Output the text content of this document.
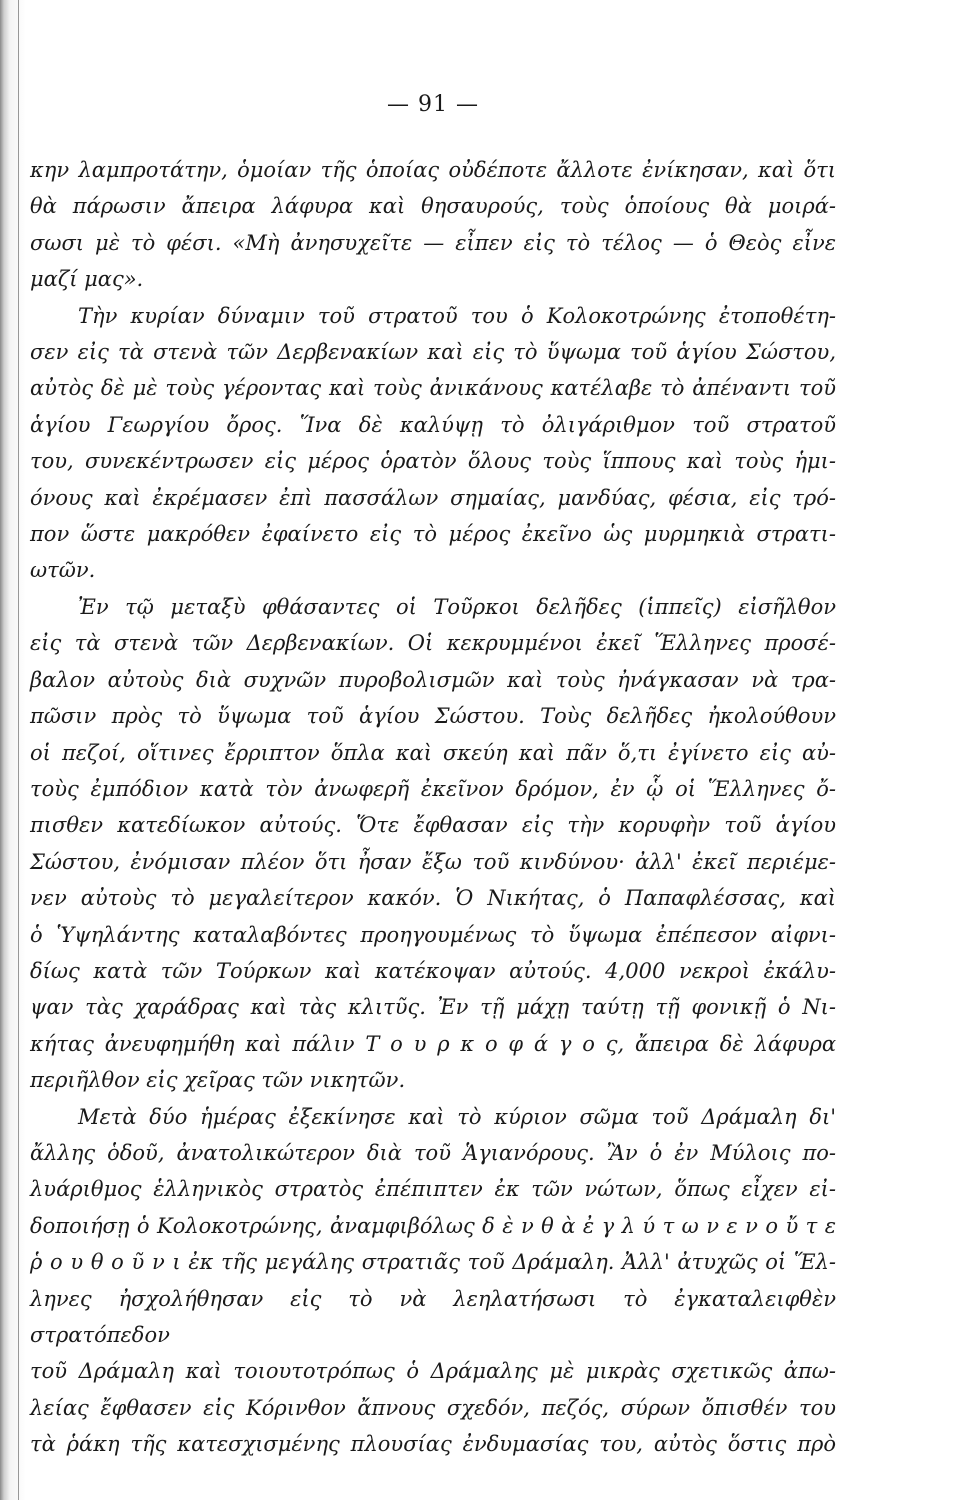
— 91 —

κην λαμπροτάτην, ὁμοίαν τῆς ὁποίας οὐδέποτε ἄλλοτε ἐνίκησαν, καὶ ὅτι
θὰ πάρωσιν ἄπειρα λάφυρα καὶ θησαυρούς, τοὺς ὁποίους θὰ μοιρά-
σωσι μὲ τὸ φέσι. «Μὴ ἀνησυχεῖτε — εἶπεν εἰς τὸ τέλος — ὁ Θεὸς εἶνε
μαζί μας».

Τὴν κυρίαν δύναμιν τοῦ στρατοῦ του ὁ Κολοκοτρώνης ἐτοποθέτη-
σεν εἰς τὰ στενὰ τῶν Δερβενακίων καὶ εἰς τὸ ὕψωμα τοῦ ἁγίου Σώστου,
αὐτὸς δὲ μὲ τοὺς γέροντας καὶ τοὺς ἀνικάνους κατέλαβε τὸ ἀπέναντι τοῦ
ἁγίου Γεωργίου ὄρος. Ἵνα δὲ καλύψῃ τὸ ὀλιγάριθμον τοῦ στρατοῦ
του, συνεκέντρωσεν εἰς μέρος ὁρατὸν ὅλους τοὺς ἵππους καὶ τοὺς ἡμι-
όνους καὶ ἐκρέμασεν ἐπὶ πασσάλων σημαίας, μανδύας, φέσια, εἰς τρό-
πον ὥστε μακρόθεν ἐφαίνετο εἰς τὸ μέρος ἐκεῖνο ὡς μυρμηκιὰ στρατι-
ωτῶν.

Ἐν τῷ μεταξὺ φθάσαντες οἱ Τοῦρκοι δελῆδες (ἱππεῖς) εἰσῆλθον
εἰς τὰ στενὰ τῶν Δερβενακίων. Οἱ κεκρυμμένοι ἐκεῖ Ἕλληνες προσέ-
βαλον αὐτοὺς διὰ συχνῶν πυροβολισμῶν καὶ τοὺς ἠνάγκασαν νὰ τρα-
πῶσιν πρὸς τὸ ὕψωμα τοῦ ἁγίου Σώστου. Τοὺς δελῆδες ἠκολούθουν
οἱ πεζοί, οἵτινες ἔρριπτον ὅπλα καὶ σκεύη καὶ πᾶν ὅ,τι ἐγίνετο εἰς αὐ-
τοὺς ἐμπόδιον κατὰ τὸν ἀνωφερῆ ἐκεῖνον δρόμον, ἐν ᾧ οἱ Ἕλληνες ὄ-
πισθεν κατεδίωκον αὐτούς. Ὅτε ἔφθασαν εἰς τὴν κορυφὴν τοῦ ἁγίου
Σώστου, ἐνόμισαν πλέον ὅτι ἦσαν ἔξω τοῦ κινδύνου· ἀλλ' ἐκεῖ περιέμε-
νεν αὐτοὺς τὸ μεγαλείτερον κακόν. Ὁ Νικήτας, ὁ Παπαφλέσσας, καὶ
ὁ Ὑψηλάντης καταλαβόντες προηγουμένως τὸ ὕψωμα ἐπέπεσον αἰφνι-
δίως κατὰ τῶν Τούρκων καὶ κατέκοψαν αὐτούς. 4,000 νεκροὶ ἐκάλυ-
ψαν τὰς χαράδρας καὶ τὰς κλιτῦς. Ἐν τῇ μάχῃ ταύτῃ τῇ φονικῇ ὁ Νι-
κήτας ἀνευφημήθη καὶ πάλιν Τ ο υ ρ κ ο φ ά γ ο ς, ἄπειρα δὲ λάφυρα
περιῆλθον εἰς χεῖρας τῶν νικητῶν.

Μετὰ δύο ἡμέρας ἐξεκίνησε καὶ τὸ κύριον σῶμα τοῦ Δράμαλη δι'
ἄλλης ὁδοῦ, ἀνατολικώτερον διὰ τοῦ Ἁγιανόρους. Ἂν ὁ ἐν Μύλοις πο-
λυάριθμος ἑλληνικὸς στρατὸς ἐπέπιπτεν ἐκ τῶν νώτων, ὅπως εἶχεν εἰ-
δοποιήσῃ ὁ Κολοκοτρώνης, ἀναμφιβόλως δ ὲ ν θ ὰ ἐ γ λ ύ τ ω ν ε ν ο ὔ τ ε
ῥ ο υ θ ο ῦ ν ι ἐκ τῆς μεγάλης στρατιᾶς τοῦ Δράμαλη. Ἀλλ' ἀτυχῶς οἱ Ἕλ-
ληνες ἠσχολήθησαν εἰς τὸ νὰ λεηλατήσωσι τὸ ἐγκαταλειφθὲν στρατόπεδον
τοῦ Δράμαλη καὶ τοιουτοτρόπως ὁ Δράμαλης μὲ μικρὰς σχετικῶς ἀπω-
λείας ἔφθασεν εἰς Κόρινθον ἄπνους σχεδόν, πεζός, σύρων ὄπισθέν του
τὰ ῥάκη τῆς κατεσχισμένης πλουσίας ἐνδυμασίας του, αὐτὸς ὅστις πρὸ
